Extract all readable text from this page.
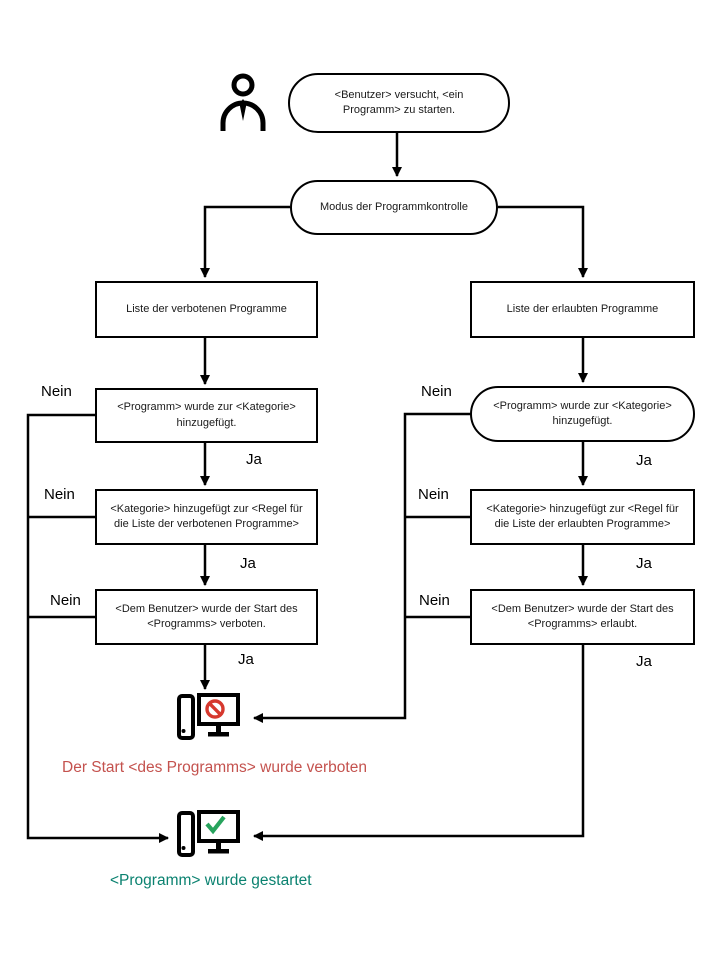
<Benutzer> versucht, <ein Programm> zu starten.
Modus der Programmkontrolle
Liste der verbotenen Programme
<Programm> wurde zur <Kategorie> hinzugefügt.
<Kategorie> hinzugefügt zur <Regel für die Liste der verbotenen Programme>
<Dem Benutzer> wurde der Start des <Programms> verboten.
Liste der erlaubten Programme
<Programm> wurde zur <Kategorie> hinzugefügt.
<Kategorie> hinzugefügt zur <Regel für die Liste der erlaubten Programme>
<Dem Benutzer> wurde der Start des <Programms> erlaubt.
Nein
Nein
Nein
Nein
Nein
Nein
Ja
Ja
Ja
Ja
Ja
Ja
Der Start <des Programms> wurde verboten
<Programm> wurde gestartet
